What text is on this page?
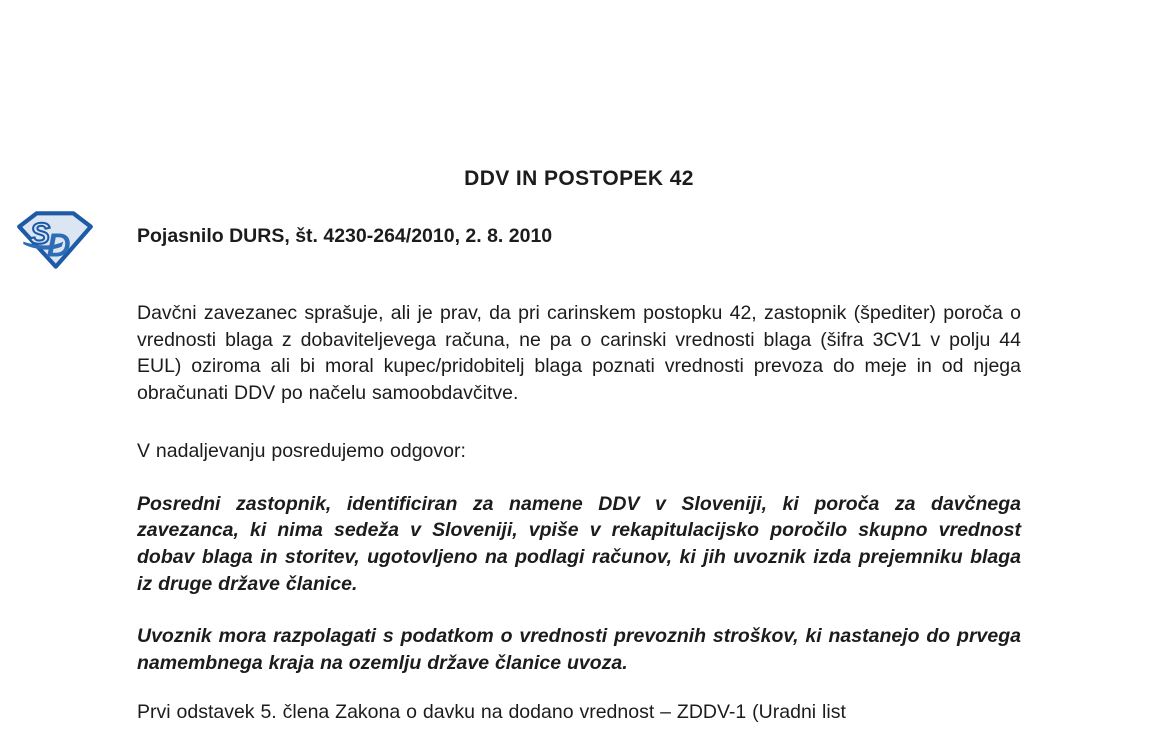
S
D
DDV IN POSTOPEK 42

Pojasnilo DURS, št. 4230-264/2010, 2. 8. 2010

Davčni zavezanec sprašuje, ali je prav, da pri carinskem postopku 42, zastopnik (špediter) poroča o vrednosti blaga z dobaviteljevega računa, ne pa o carinski vrednosti blaga (šifra 3CV1 v polju 44 EUL) oziroma ali bi moral kupec/pridobitelj blaga poznati vrednosti prevoza do meje in od njega obračunati DDV po načelu samoobdavčitve.

V nadaljevanju posredujemo odgovor:

Posredni zastopnik, identificiran za namene DDV v Sloveniji, ki poroča za davčnega zavezanca, ki nima sedeža v Sloveniji, vpiše v rekapitulacijsko poročilo skupno vrednost dobav blaga in storitev, ugotovljeno na podlagi računov, ki jih uvoznik izda prejemniku blaga iz druge države članice.

Uvoznik mora razpolagati s podatkom o vrednosti prevoznih stroškov, ki nastanejo do prvega namembnega kraja na ozemlju države članice uvoza.

Prvi odstavek 5. člena Zakona o davku na dodano vrednost – ZDDV-1 (Uradni list
